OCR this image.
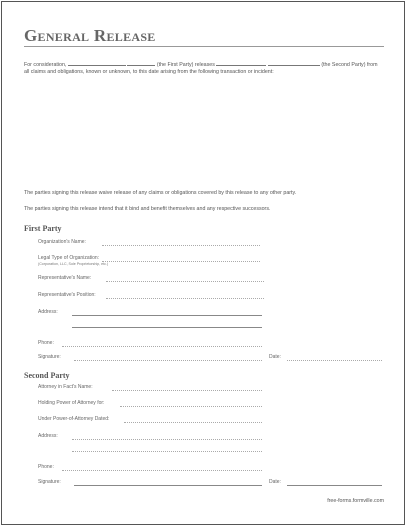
General Release
For consideration,	(the First Party) releases	(the Second Party) from all claims and obligations, known or unknown, to this date arising from the following transaction or incident:
The parties signing this release waive release of any claims or obligations covered by this release to any other party.
The parties signing this release intend that it bind and benefit themselves and any respective successors.
First Party
Organization's Name:
Legal Type of Organization:
(Corporation, LLC, Sole Proprietorship, etc.)
Representative's Name:
Representative's Position:
Address:
Phone:
Signature:	Date:
Second Party
Attorney in Fact's Name:
Holding Power of Attorney for:
Under Power-of-Attorney Dated:
Address:
Phone:
Signature:	Date:
free-forms.formville.com
